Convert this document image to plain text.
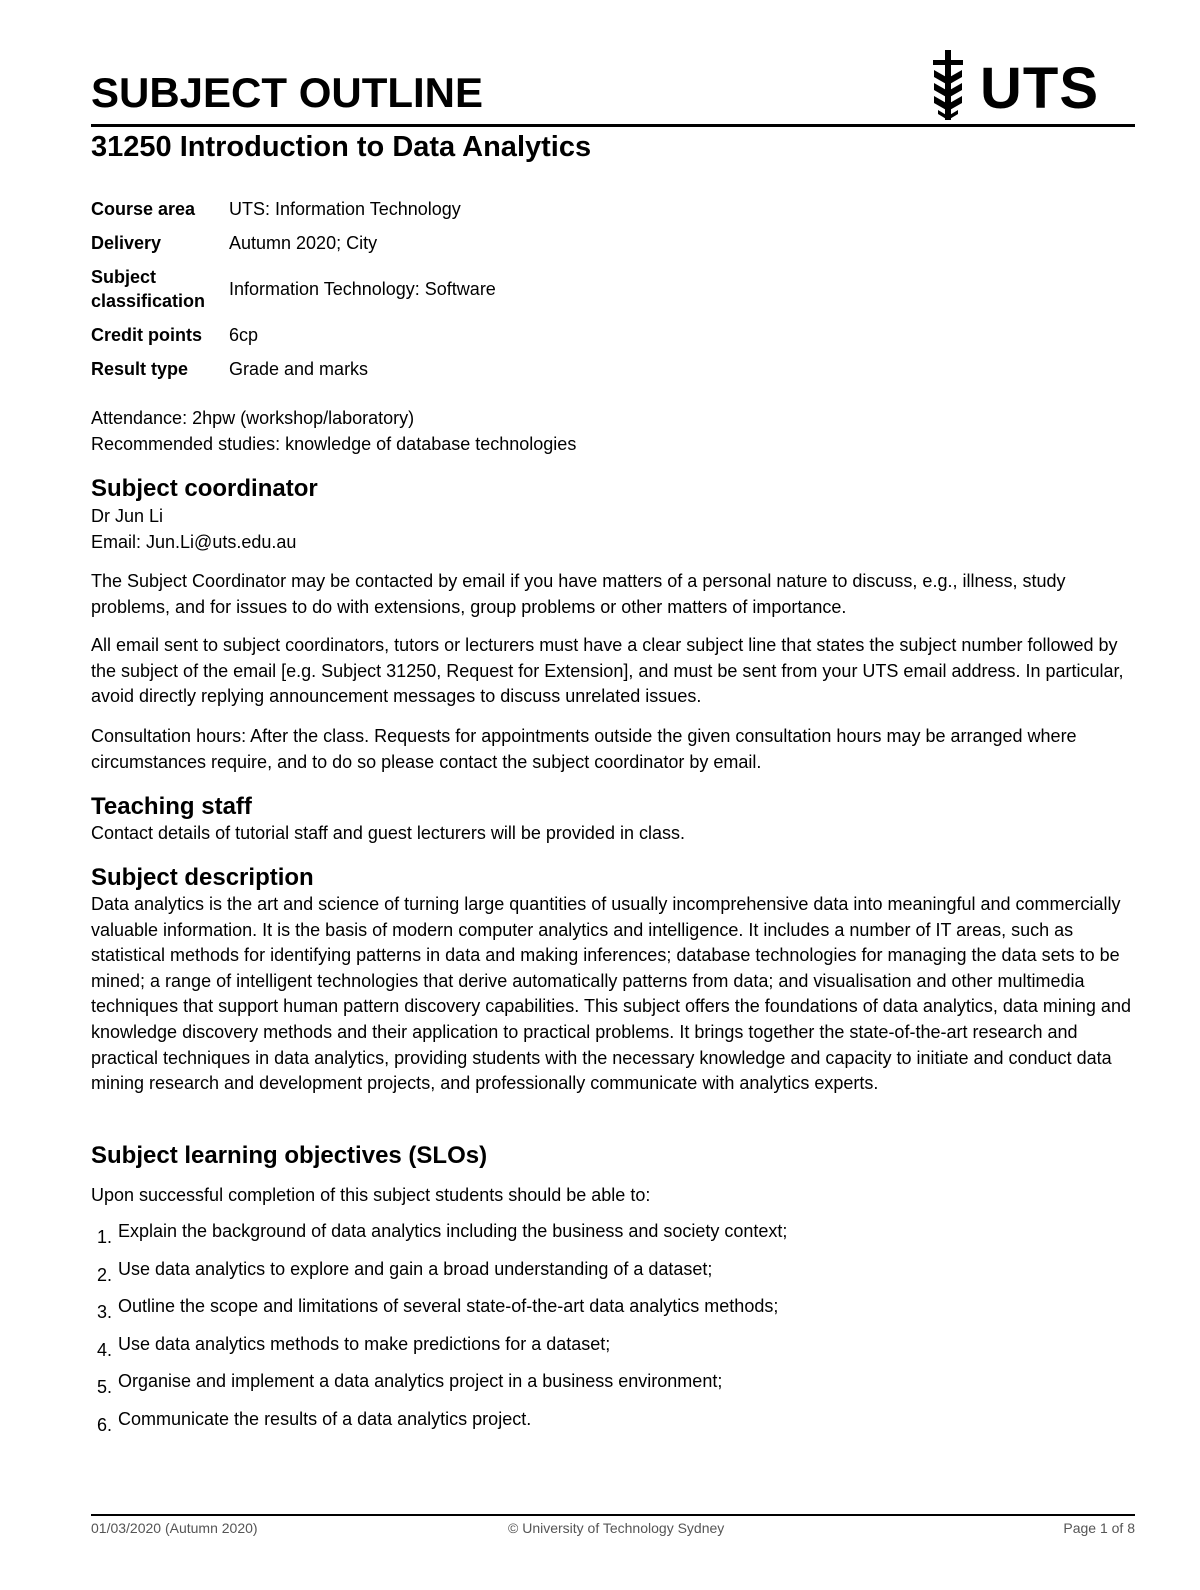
SUBJECT OUTLINE	UTS
31250 Introduction to Data Analytics
Course area	UTS: Information Technology
Delivery	Autumn 2020; City
Subject classification	Information Technology: Software
Credit points	6cp
Result type	Grade and marks
Attendance: 2hpw (workshop/laboratory)
Recommended studies: knowledge of database technologies
Subject coordinator
Dr Jun Li
Email: Jun.Li@uts.edu.au
The Subject Coordinator may be contacted by email if you have matters of a personal nature to discuss, e.g., illness, study problems, and for issues to do with extensions, group problems or other matters of importance.
All email sent to subject coordinators, tutors or lecturers must have a clear subject line that states the subject number followed by the subject of the email [e.g. Subject 31250, Request for Extension], and must be sent from your UTS email address. In particular, avoid directly replying announcement messages to discuss unrelated issues.
Consultation hours: After the class. Requests for appointments outside the given consultation hours may be arranged where circumstances require, and to do so please contact the subject coordinator by email.
Teaching staff
Contact details of tutorial staff and guest lecturers will be provided in class.
Subject description
Data analytics is the art and science of turning large quantities of usually incomprehensive data into meaningful and commercially valuable information. It is the basis of modern computer analytics and intelligence. It includes a number of IT areas, such as statistical methods for identifying patterns in data and making inferences; database technologies for managing the data sets to be mined; a range of intelligent technologies that derive automatically patterns from data; and visualisation and other multimedia techniques that support human pattern discovery capabilities. This subject offers the foundations of data analytics, data mining and knowledge discovery methods and their application to practical problems. It brings together the state-of-the-art research and practical techniques in data analytics, providing students with the necessary knowledge and capacity to initiate and conduct data mining research and development projects, and professionally communicate with analytics experts.
Subject learning objectives (SLOs)
Upon successful completion of this subject students should be able to:
1. Explain the background of data analytics including the business and society context;
2. Use data analytics to explore and gain a broad understanding of a dataset;
3. Outline the scope and limitations of several state-of-the-art data analytics methods;
4. Use data analytics methods to make predictions for a dataset;
5. Organise and implement a data analytics project in a business environment;
6. Communicate the results of a data analytics project.
01/03/2020 (Autumn 2020)	© University of Technology Sydney	Page 1 of 8
